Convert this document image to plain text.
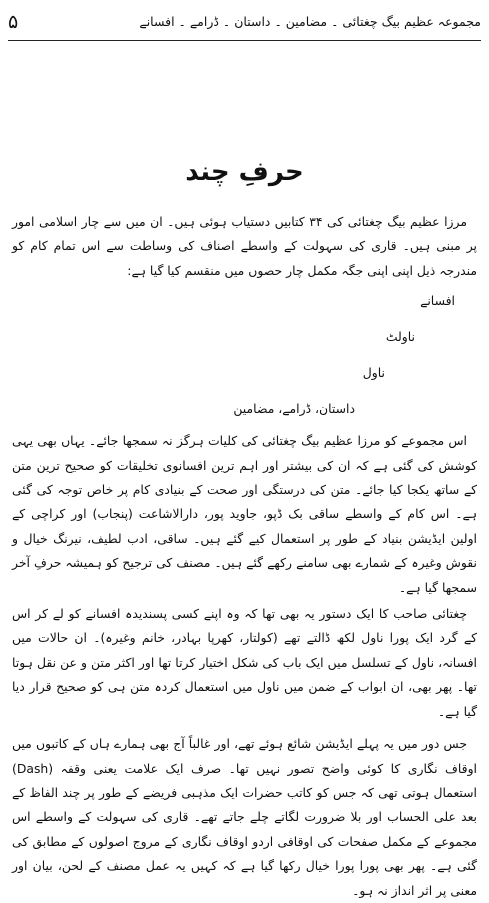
۵	مجموعہ عظیم بیگ چغتائی ۔ مضامین ۔ داستان ۔ ڈرامے ۔ افسانے
حرفِ چند

مرزا عظیم بیگ چغتائی کی ۳۴ کتابیں دستیاب ہوئی ہیں۔ ان میں سے چار اسلامی امور پر مبنی ہیں۔ قاری کی سہولت کے واسطے اصناف کی وساطت سے اس تمام کام کو مندرجہ ذیل اپنی اپنی جگہ مکمل چار حصوں میں منقسم کیا گیا ہے:

افسانے
ناولٹ
ناول
داستان، ڈرامے، مضامین

اس مجموعے کو مرزا عظیم بیگ چغتائی کی کلیات ہرگز نہ سمجھا جائے۔ یہاں بھی یہی کوشش کی گئی ہے کہ ان کی بیشتر اور اہم ترین افسانوی تخلیقات کو صحیح ترین متن کے ساتھ یکجا کیا جائے۔ متن کی درستگی اور صحت کے بنیادی کام پر خاص توجہ کی گئی ہے۔ اس کام کے واسطے ساقی بک ڈپو، جاوید پور، دارالاشاعت (پنجاب) اور کراچی کے اولین ایڈیشن بنیاد کے طور پر استعمال کیے گئے ہیں۔ ساقی، ادب لطیف، نیرنگ خیال و نقوش وغیرہ کے شمارے بھی سامنے رکھے گئے ہیں۔ مصنف کی ترجیح کو ہمیشہ حرفِ آخر سمجھا گیا ہے۔

چغتائی صاحب کا ایک دستور یہ بھی تھا کہ وہ اپنے کسی پسندیدہ افسانے کو لے کر اس کے گرد ایک پورا ناول لکھ ڈالتے تھے (کولتار، کھرپا بہادر، خانم وغیرہ)۔ ان حالات میں افسانہ، ناول کے تسلسل میں ایک باب کی شکل اختیار کرتا تھا اور اکثر متن و عن نقل ہوتا تھا۔ پھر بھی، ان ابواب کے ضمن میں ناول میں استعمال کردہ متن ہی کو صحیح قرار دیا گیا ہے۔

جس دور میں یہ پہلے ایڈیشن شائع ہوئے تھے، اور غالباً آج بھی ہمارے ہاں کے کاتبوں میں اوقاف نگاری کا کوئی واضح تصور نہیں تھا۔ صرف ایک علامت یعنی وقفہ (Dash) استعمال ہوتی تھی کہ جس کو کاتب حضرات ایک مذہبی فریضے کے طور پر چند الفاظ کے بعد علی الحساب اور بلا ضرورت لگاتے چلے جاتے تھے۔ قاری کی سہولت کے واسطے اس مجموعے کے مکمل صفحات کی اوقافی اردو اوقاف نگاری کے مروج اصولوں کے مطابق کی گئی ہے۔ پھر بھی پورا پورا خیال رکھا گیا ہے کہ کہیں یہ عمل مصنف کے لحن، بیان اور معنی پر اثر انداز نہ ہو۔
